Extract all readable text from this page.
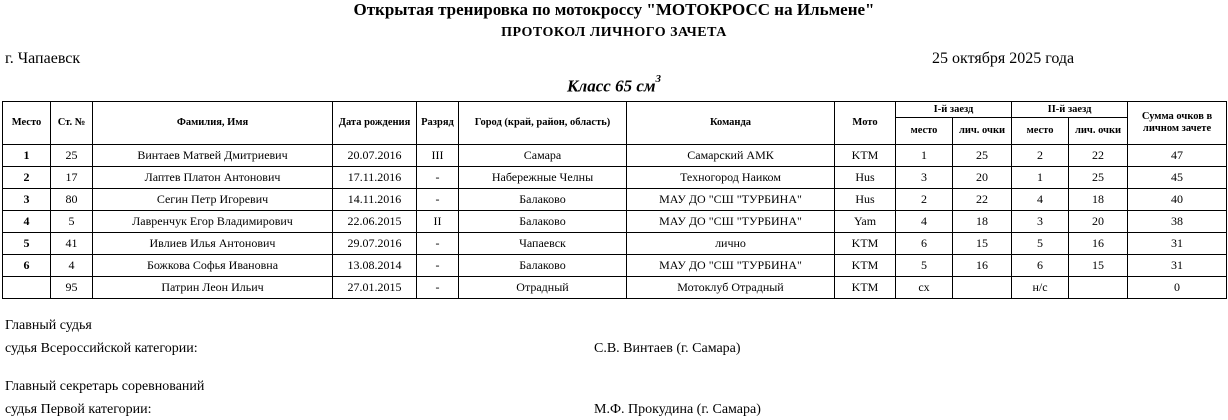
Открытая тренировка по мотокроссу "МОТОКРОСС на Ильмене"
ПРОТОКОЛ ЛИЧНОГО ЗАЧЕТА
г. Чапаевск	25 октября 2025 года
Класс 65 $см^3$
Место	Ст. №	Фамилия, Имя	Дата рождения	Разряд	Город (край, район, область)	Команда	Мото	I-й заезд		II-й заезд		Сумма очков в личном зачете
								место	лич. очки	место	лич. очки	
1	25	Винтаев Матвей Дмитриевич	20.07.2016	III	Самара	Самарский АМК	KTM	1	25	2	22	47
2	17	Лаптев Платон Антонович	17.11.2016	-	Набережные Челны	Техногород Наиком	Hus	3	20	1	25	45
3	80	Сегин Петр Игоревич	14.11.2016	-	Балаково	МАУ ДО "СШ "ТУРБИНА"	Hus	2	22	4	18	40
4	5	Лавренчук Егор Владимирович	22.06.2015	II	Балаково	МАУ ДО "СШ "ТУРБИНА"	Yam	4	18	3	20	38
5	41	Ивлиев Илья Антонович	29.07.2016	-	Чапаевск	лично	KTM	6	15	5	16	31
6	4	Божкова Софья Ивановна	13.08.2014	-	Балаково	МАУ ДО "СШ "ТУРБИНА"	KTM	5	16	6	15	31
	95	Патрин Леон Ильич	27.01.2015	-	Отрадный	Мотоклуб Отрадный	KTM	сх		н/с		0
Главный судья
судья Всероссийской категории:	С.В. Винтаев (г. Самара)
Главный секретарь соревнований
судья Первой категории:	М.Ф. Прокудина (г. Самара)
